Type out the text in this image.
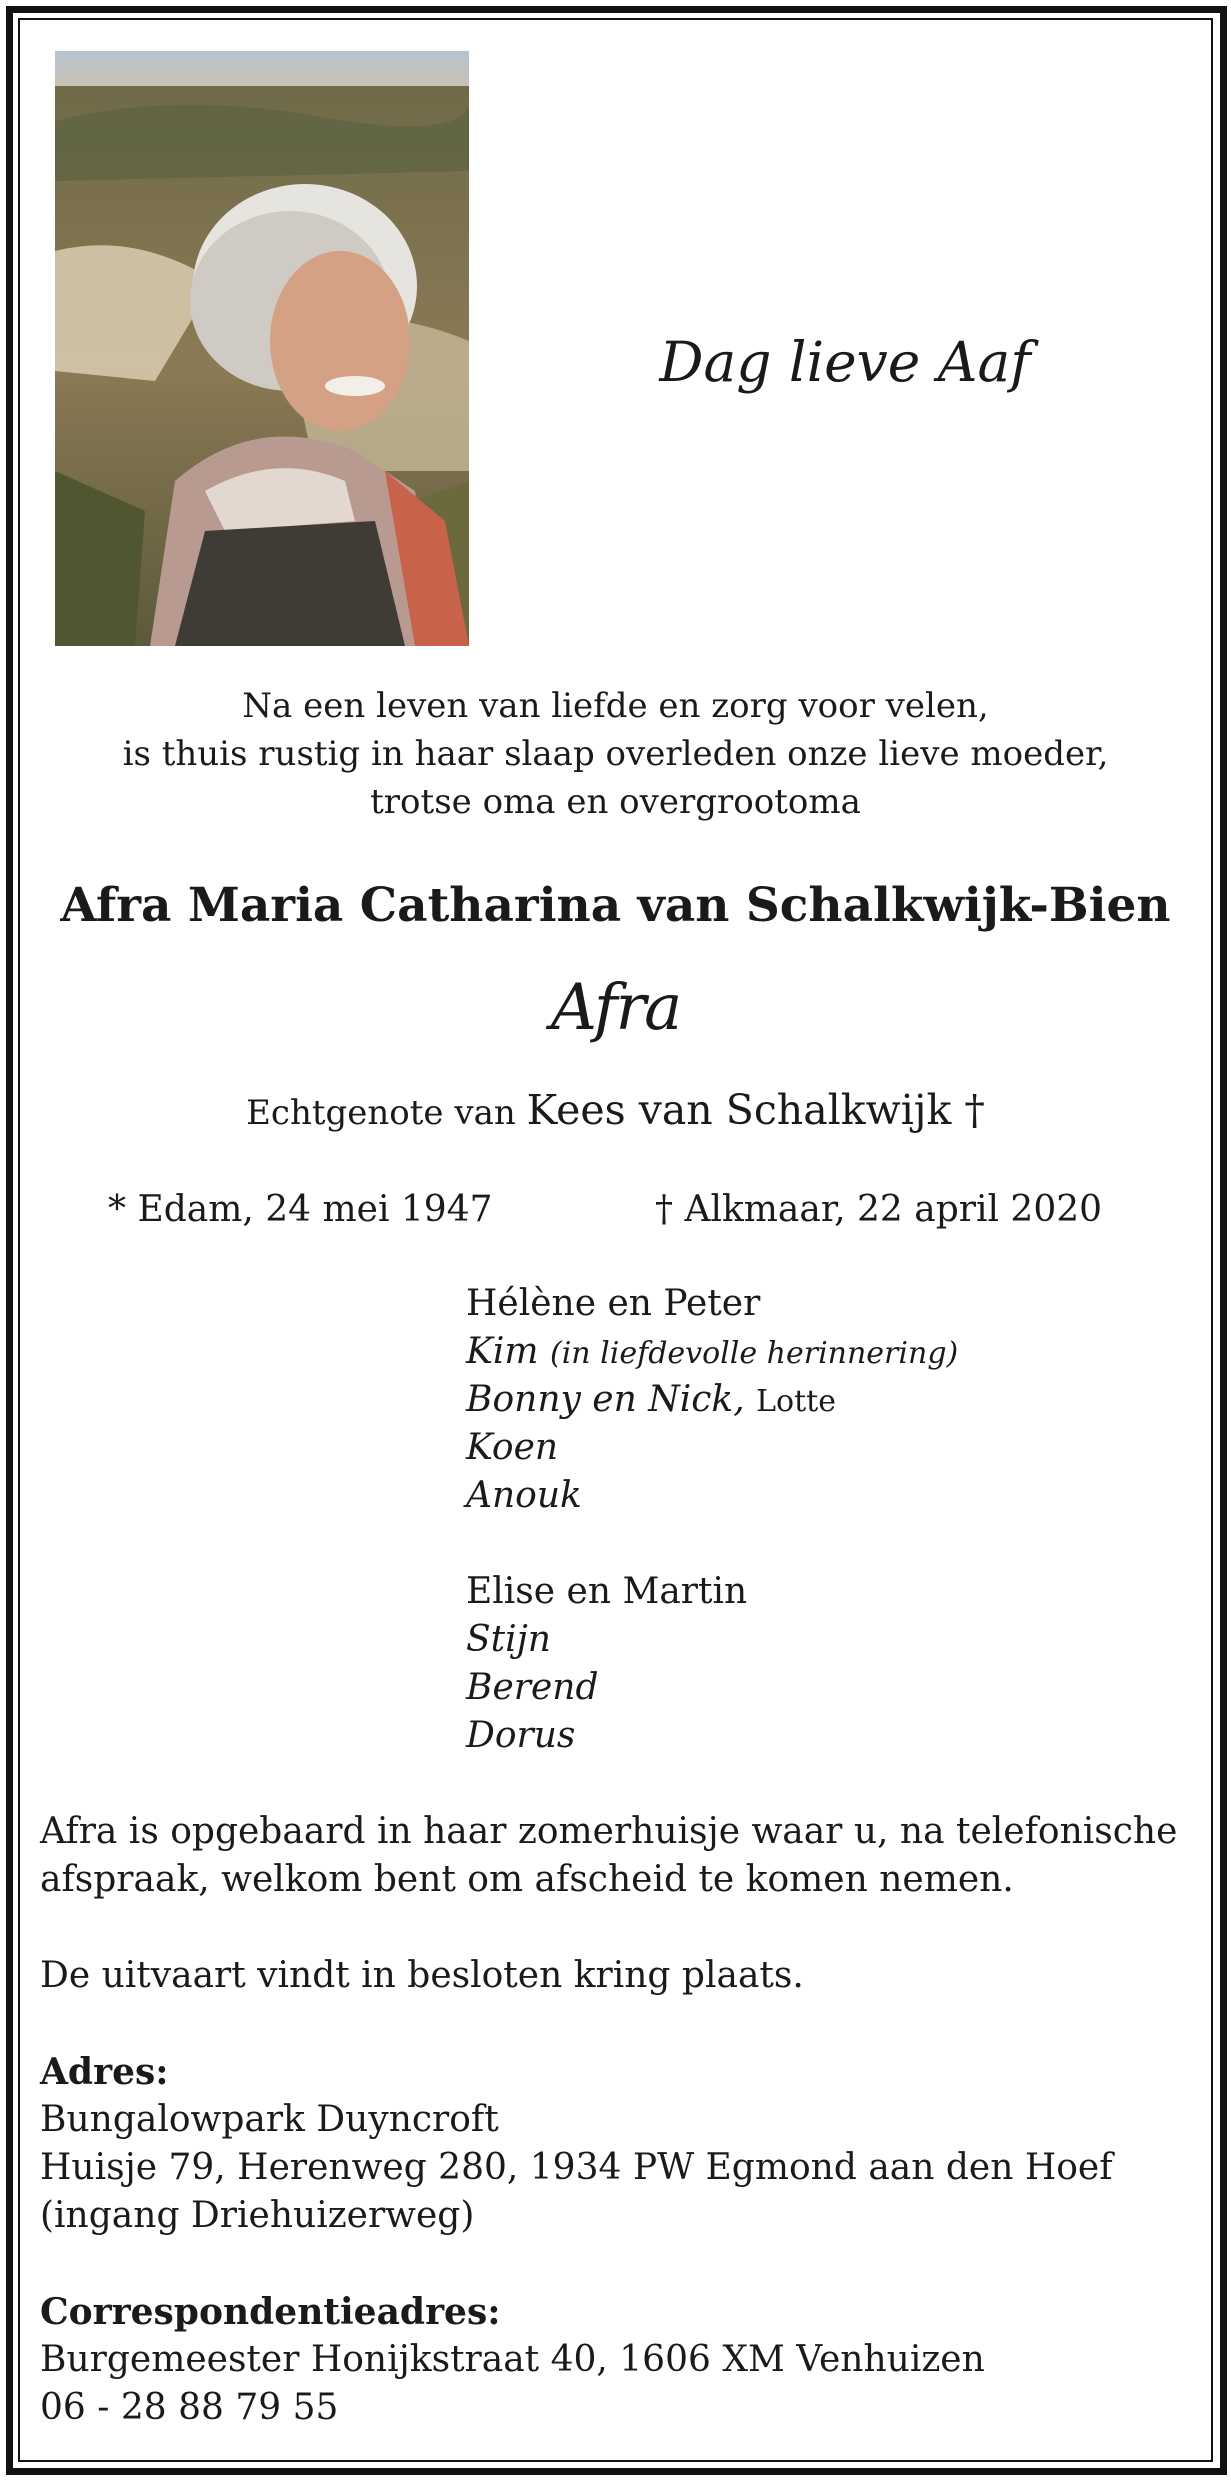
Dag lieve Aaf
Na een leven van liefde en zorg voor velen,
is thuis rustig in haar slaap overleden onze lieve moeder,
trotse oma en overgrootoma
Afra Maria Catharina van Schalkwijk-Bien
Afra
Echtgenote van Kees van Schalkwijk †
* Edam, 24 mei 1947	† Alkmaar, 22 april 2020
Hélène en Peter
Kim (in liefdevolle herinnering)
Bonny en Nick, Lotte
Koen
Anouk
Elise en Martin
Stijn
Berend
Dorus
Afra is opgebaard in haar zomerhuisje waar u, na telefonische
afspraak, welkom bent om afscheid te komen nemen.
De uitvaart vindt in besloten kring plaats.
Adres:
Bungalowpark Duyncroft
Huisje 79, Herenweg 280, 1934 PW Egmond aan den Hoef
(ingang Driehuizerweg)
Correspondentieadres:
Burgemeester Honijkstraat 40, 1606 XM Venhuizen
06 - 28 88 79 55
